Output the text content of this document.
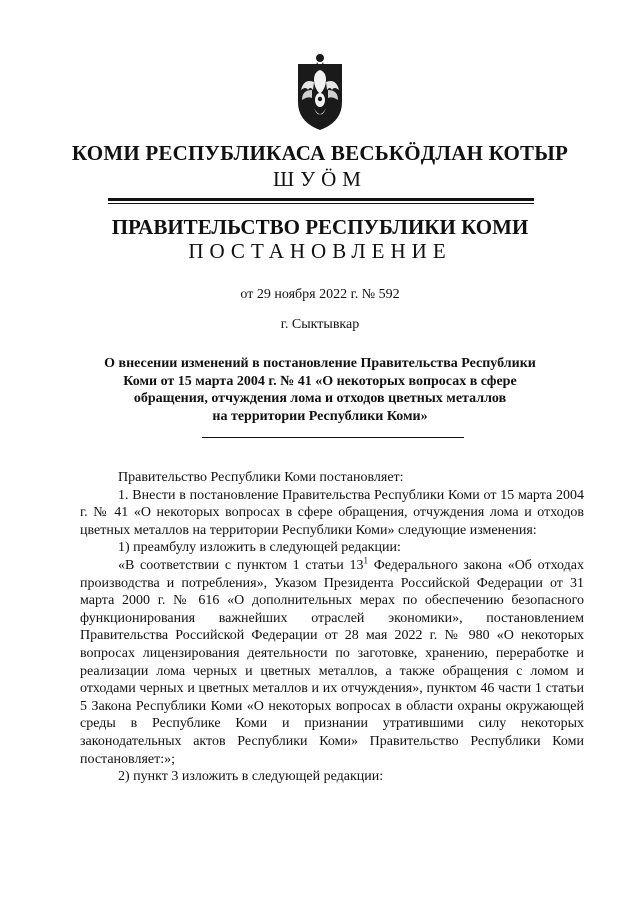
КОМИ РЕСПУБЛИКАСА ВЕСЬКӦДЛАН КОТЫР
ШУÖМ
ПРАВИТЕЛЬСТВО РЕСПУБЛИКИ КОМИ
ПОСТАНОВЛЕНИЕ
от 29 ноября 2022 г. № 592
г. Сыктывкар
О внесении изменений в постановление Правительства Республики
Коми от 15 марта 2004 г. № 41 «О некоторых вопросах в сфере
обращения, отчуждения лома и отходов цветных металлов
на территории Республики Коми»

Правительство Республики Коми постановляет:

1. Внести в постановление Правительства Республики Коми от 15 марта 2004 г. № 41 «О некоторых вопросах в сфере обращения, отчуждения лома и отходов цветных металлов на территории Республики Коми» следующие изменения:

1) преамбулу изложить в следующей редакции:

«В соответствии с пунктом 1 статьи $13^1$ Федерального закона «Об отходах производства и потребления», Указом Президента Российской Федерации от 31 марта 2000 г. № 616 «О дополнительных мерах по обеспечению безопасного функционирования важнейших отраслей экономики», постановлением Правительства Российской Федерации от 28 мая 2022 г. № 980 «О некоторых вопросах лицензирования деятельности по заготовке, хранению, переработке и реализации лома черных и цветных металлов, а также обращения с ломом и отходами черных и цветных металлов и их отчуждения», пунктом 46 части 1 статьи 5 Закона Республики Коми «О некоторых вопросах в области охраны окружающей среды в Республике Коми и признании утратившими силу некоторых законодательных актов Республики Коми» Правительство Республики Коми постановляет:»;

2) пункт 3 изложить в следующей редакции:
